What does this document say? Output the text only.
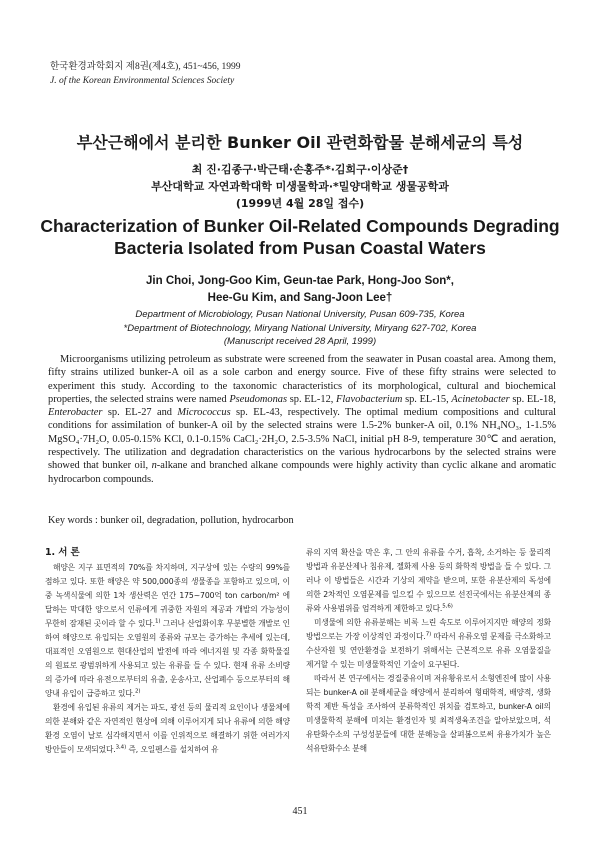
한국환경과학회지 제8권(제4호), 451~456, 1999
J. of the Korean Environmental Sciences Society
부산근해에서 분리한 Bunker Oil 관련화합물 분해세균의 특성
최 진·김종구·박근태·손홍주*·김희구·이상준†
부산대학교 자연과학대학 미생물학과·*밀양대학교 생물공학과
(1999년 4월 28일 접수)
Characterization of Bunker Oil-Related Compounds Degrading
Bacteria Isolated from Pusan Coastal Waters
Jin Choi, Jong-Goo Kim, Geun-tae Park, Hong-Joo Son*,
Hee-Gu Kim, and Sang-Joon Lee†
Department of Microbiology, Pusan National University, Pusan 609-735, Korea
*Department of Biotechnology, Miryang National University, Miryang 627-702, Korea
(Manuscript received 28 April, 1999)

Microorganisms utilizing petroleum as substrate were screened from the seawater in Pusan coastal area. Among them, fifty strains utilized bunker-A oil as a sole carbon and energy source. Five of these fifty strains were selected to experiment this study. According to the taxonomic characteristics of its morphological, cultural and biochemical properties, the selected strains were named Pseudomonas sp. EL-12, Flavobacterium sp. EL-15, Acinetobacter sp. EL-18, Enterobacter sp. EL-27 and Micrococcus sp. EL-43, respectively. The optimal medium compositions and cultural conditions for assimilation of bunker-A oil by the selected strains were 1.5-2% bunker-A oil, 0.1% NH₄NO₃, 1-1.5% MgSO₄·7H₂O, 0.05-0.15% KCl, 0.1-0.15% CaCl₂·2H₂O, 2.5-3.5% NaCl, initial pH 8-9, temperature 30℃ and aeration, respectively. The utilization and degradation characteristics on the various hydrocarbons by the selected strains were showed that bunker oil, n-alkane and branched alkane compounds were highly activity than cyclic alkane and aromatic hydrocarbon compounds.

Key words : bunker oil, degradation, pollution, hydrocarbon
1. 서 론

해양은 지구 표면적의 70%를 차지하며, 지구상에 있는 수량의 99%를 점하고 있다. 또한 해양은 약 500,000종의 생물종을 포함하고 있으며, 이중 녹색식물에 의한 1차 생산력은 연간 175~700억 ton carbon/m² 에 달하는 막대한 양으로서 인류에게 귀중한 자원의 제공과 개발의 가능성이 무한히 잠재된 곳이라 할 수 있다.$^{1)}$ 그러나 산업화이후 무분별한 개발로 인하여 해양으로 유입되는 오염원의 종류와 규모는 증가하는 추세에 있는데, 대표적인 오염원으로 현대산업의 발전에 따라 에너지원 및 각종 화학물질의 원료로 광범위하게 사용되고 있는 유류를 들 수 있다. 현재 유류 소비량의 증가에 따라 유전으로부터의 유출, 운송사고, 산업폐수 등으로부터의 해양내 유입이 급증하고 있다.$^{2)}$

환경에 유입된 유류의 제거는 파도, 광선 등의 물리적 요인이나 생물체에 의한 분해와 같은 자연적인 현상에 의해 이루어지게 되나 유류에 의한 해양환경 오염이 날로 심각해지면서 이를 인위적으로 해결하기 위한 여러가지 방안들이 모색되었다.$^{3,4)}$ 즉, 오일펜스를 설치하여 유

류의 지역 확산을 막은 후, 그 안의 유류를 수거, 흡착, 소거하는 등 물리적 방법과 유분산제나 침유제, 젤화제 사용 등의 화학적 방법을 들 수 있다. 그러나 이 방법들은 시간과 기상의 제약을 받으며, 또한 유분산제의 독성에 의한 2차적인 오염문제를 일으킬 수 있으므로 선진국에서는 유분산제의 종류와 사용범위를 엄격하게 제한하고 있다.$^{5,6)}$

미생물에 의한 유류분해는 비록 느린 속도로 이루어지지만 해양의 정화방법으로는 가장 이상적인 과정이다.$^{7)}$ 따라서 유류오염 문제를 극소화하고 수산자원 및 연안환경을 보전하기 위해서는 근본적으로 유류 오염물질을 제거할 수 있는 미생물학적인 기술이 요구된다.

따라서 본 연구에서는 경질중유이며 저유황유로서 소형엔진에 많이 사용되는 bunker-A oil 분해세균을 해양에서 분리하여 형태학적, 배양적, 생화학적 제반 특성을 조사하여 분류학적인 위치를 검토하고, bunker-A oil의 미생물학적 분해에 미치는 환경인자 및 최적생육조건을 알아보았으며, 석유탄화수소의 구성성분들에 대한 분해능을 살펴봄으로써 유용가치가 높은 석유탄화수소 분해

451
